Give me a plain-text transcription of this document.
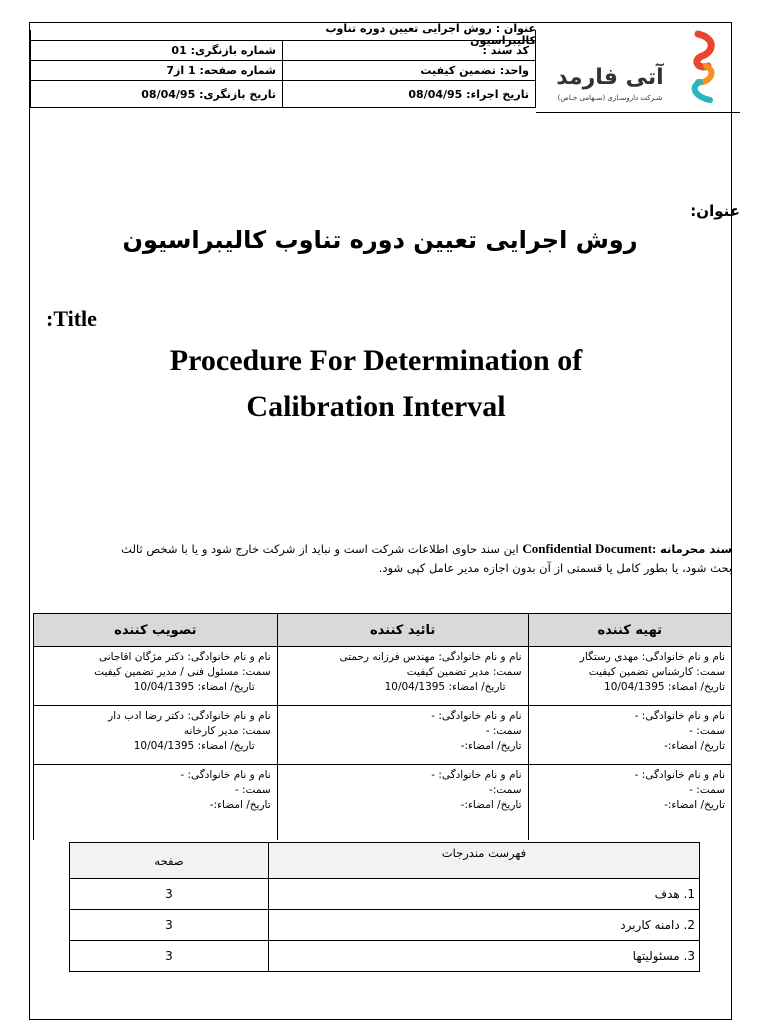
عنوان : روش اجرایی تعیین دوره تناوب کالیبراسیون

کد سند :	شماره بازنگری: 01
واحد: تضمین کیفیت	شماره صفحه: 1 از7
تاریخ اجراء: 08/04/95	تاریخ بازنگری: 08/04/95
آتی فارمد
شـرکت داروسـازی (سـهامی خـاص)
عنوان:
روش اجرایی تعیین دوره تناوب کالیبراسیون
:Title
Procedure For Determination of
Calibration Interval
سند محرمانه Confidential Document: این سند حاوی اطلاعات شرکت است و نباید از شرکت خارج شود و یا با شخص ثالث
بحث شود، یا بطور کامل یا قسمتی از آن بدون اجازه مدیر عامل کپی شود.
تهیه کننده	تائید کننده	تصویب کننده

نام و نام خانوادگی: مهدی رستگار
سمت: کارشناس تضمین کیفیت
تاریخ/ امضاء: 10/04/1395	نام و نام خانوادگی: مهندس فرزانه رحمتی
سمت: مدیر تضمین کیفیت
تاریخ/ امضاء: 10/04/1395	نام و نام خانوادگی: دکتر مژگان اقاجانی
سمت: مسئول فنی / مدیر تضمین کیفیت
تاریخ/ امضاء: 10/04/1395

نام و نام خانوادگی: -
سمت: -
تاریخ/ امضاء:-	نام و نام خانوادگی: -
سمت: -
تاریخ/ امضاء:-	نام و نام خانوادگی: دکتر رضا ادب دار
سمت: مدیر کارخانه
تاریخ/ امضاء: 10/04/1395

نام و نام خانوادگی: -
سمت: -
تاریخ/ امضاء:-	نام و نام خانوادگی: -
سمت:-
تاریخ/ امضاء:-	نام و نام خانوادگی: -
سمت: -
تاریخ/ امضاء:-
فهرست مندرجات	صفحه
1. هدف	3
2. دامنه کاربرد	3
3. مسئولیتها	3
